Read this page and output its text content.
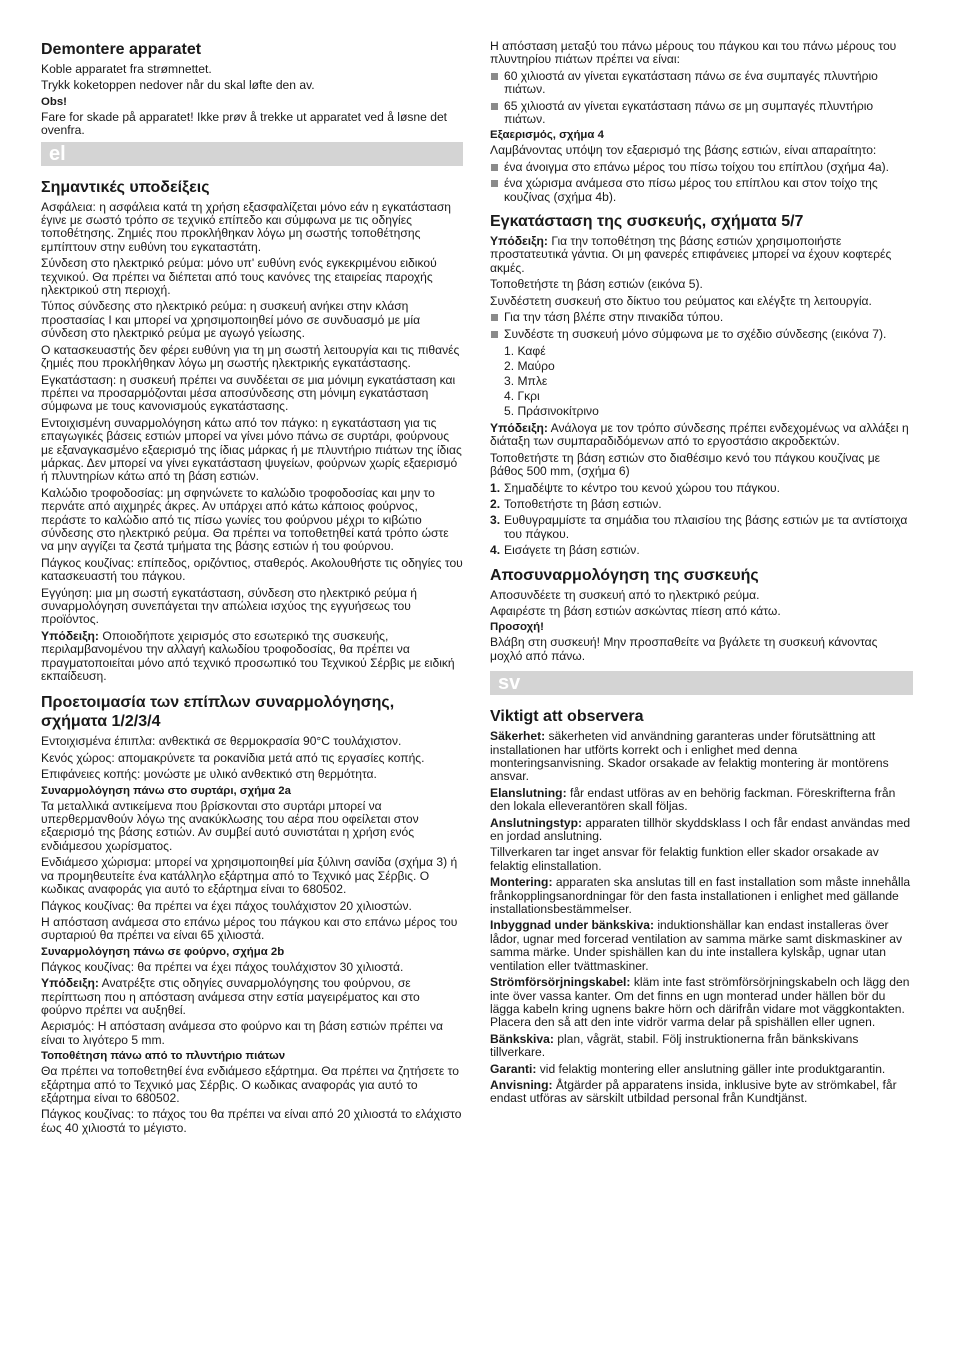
Demontere apparatet

Koble apparatet fra strømnettet.

Trykk koketoppen nedover når du skal løfte den av.

Obs!

Fare for skade på apparatet! Ikke prøv å trekke ut apparatet ved å løsne det ovenfra.

el
Σημαντικές υποδείξεις

Ασφάλεια: η ασφάλεια κατά τη χρήση εξασφαλίζεται μόνο εάν η εγκατάσταση έγινε με σωστό τρόπο σε τεχνικό επίπεδο και σύμφωνα με τις οδηγίες τοποθέτησης. Ζημιές που προκλήθηκαν λόγω μη σωστής τοποθέτησης εμπίπτουν στην ευθύνη του εγκαταστάτη.

Σύνδεση στο ηλεκτρικό ρεύμα: μόνο υπ' ευθύνη ενός εγκεκριμένου ειδικού τεχνικού. Θα πρέπει να διέπεται από τους κανόνες της εταιρείας παροχής ηλεκτρικού στη περιοχή.

Τύπος σύνδεσης στο ηλεκτρικό ρεύμα: η συσκευή ανήκει στην κλάση προστασίας I και μπορεί να χρησιμοποιηθεί μόνο σε συνδυασμό με μία σύνδεση στο ηλεκτρικό ρεύμα με αγωγό γείωσης.

Ο κατασκευαστής δεν φέρει ευθύνη για τη μη σωστή λειτουργία και τις πιθανές ζημιές που προκλήθηκαν λόγω μη σωστής ηλεκτρικής εγκατάστασης.

Εγκατάσταση: η συσκευή πρέπει να συνδέεται σε μια μόνιμη εγκατάσταση και πρέπει να προσαρμόζονται μέσα αποσύνδεσης στη μόνιμη εγκατάσταση σύμφωνα με τους κανονισμούς εγκατάστασης.

Εντοιχισμένη συναρμολόγηση κάτω από τον πάγκο: η εγκατάσταση για τις επαγωγικές βάσεις εστιών μπορεί να γίνει μόνο πάνω σε συρτάρι, φούρνους με εξαναγκασμένο εξαερισμό της ίδιας μάρκας ή με πλυντήριο πιάτων της ίδιας μάρκας. Δεν μπορεί να γίνει εγκατάσταση ψυγείων, φούρνων χωρίς εξαερισμό ή πλυντηρίων κάτω από τη βάση εστιών.

Καλώδιο τροφοδοσίας: μη σφηνώνετε το καλώδιο τροφοδοσίας και μην το περνάτε από αιχμηρές άκρες. Αν υπάρχει από κάτω κάποιος φούρνος, περάστε το καλώδιο από τις πίσω γωνίες του φούρνου μέχρι το κιβώτιο σύνδεσης στο ηλεκτρικό ρεύμα. Θα πρέπει να τοποθετηθεί κατά τρόπο ώστε να μην αγγίζει τα ζεστά τμήματα της βάσης εστιών ή του φούρνου.

Πάγκος κουζίνας: επίπεδος, οριζόντιος, σταθερός. Ακολουθήστε τις οδηγίες του κατασκευαστή του πάγκου.

Εγγύηση: μια μη σωστή εγκατάσταση, σύνδεση στο ηλεκτρικό ρεύμα ή συναρμολόγηση συνεπάγεται την απώλεια ισχύος της εγγυήσεως του προϊόντος.

Υπόδειξη: Οποιοδήποτε χειρισμός στο εσωτερικό της συσκευής, περιλαμβανομένου την αλλαγή καλωδίου τροφοδοσίας, θα πρέπει να πραγματοποιείται μόνο από τεχνικό προσωπικό του Τεχνικού Σέρβις με ειδική εκπαίδευση.

Προετοιμασία των επίπλων συναρμολόγησης, σχήματα 1/2/3/4

Εντοιχισμένα έπιπλα: ανθεκτικά σε θερμοκρασία 90°C τουλάχιστον.

Κενός χώρος: απομακρύνετε τα ροκανίδια μετά από τις εργασίες κοπής.

Επιφάνειες κοπής: μονώστε με υλικό ανθεκτικό στη θερμότητα.

Συναρμολόγηση πάνω στο συρτάρι, σχήμα 2a

Τα μεταλλικά αντικείμενα που βρίσκονται στο συρτάρι μπορεί να υπερθερμανθούν λόγω της ανακύκλωσης του αέρα που οφείλεται στον εξαερισμό της βάσης εστιών. Αν συμβεί αυτό συνιστάται η χρήση ενός ενδιάμεσου χωρίσματος.

Ενδιάμεσο χώρισμα: μπορεί να χρησιμοποιηθεί μία ξύλινη σανίδα (σχήμα 3) ή να προμηθευτείτε ένα κατάλληλο εξάρτημα από το Τεχνικό μας Σέρβις. Ο κωδικας αναφοράς για αυτό το εξάρτημα είναι το 680502.

Πάγκος κουζίνας: θα πρέπει να έχει πάχος τουλάχιστον 20 χιλιοστών.

Η απόσταση ανάμεσα στο επάνω μέρος του πάγκου και στο επάνω μέρος του συρταριού θα πρέπει να είναι 65 χιλιοστά.

Συναρμολόγηση πάνω σε φούρνο, σχήμα 2b

Πάγκος κουζίνας: θα πρέπει να έχει πάχος τουλάχιστον 30 χιλιοστά.

Υπόδειξη: Ανατρέξτε στις οδηγίες συναρμολόγησης του φούρνου, σε περίπτωση που η απόσταση ανάμεσα στην εστία μαγειρέματος και στο φούρνο πρέπει να αυξηθεί.

Αερισμός: Η απόσταση ανάμεσα στο φούρνο και τη βάση εστιών πρέπει να είναι το λιγότερο 5 mm.

Τοποθέτηση πάνω από το πλυντήριο πιάτων

Θα πρέπει να τοποθετηθεί ένα ενδιάμεσο εξάρτημα. Θα πρέπει να ζητήσετε το εξάρτημα από το Τεχνικό μας Σέρβις. Ο κωδικας αναφοράς για αυτό το εξάρτημα είναι το 680502.

Πάγκος κουζίνας: το πάχος του θα πρέπει να είναι από 20 χιλιοστά το ελάχιστο έως 40 χιλιοστά το μέγιστο.

Η απόσταση μεταξύ του πάνω μέρους του πάγκου και του πάνω μέρους του πλυντηρίου πιάτων πρέπει να είναι:

60 χιλιοστά αν γίνεται εγκατάσταση πάνω σε ένα συμπαγές πλυντήριο πιάτων.
65 χιλιοστά αν γίνεται εγκατάσταση πάνω σε μη συμπαγές πλυντήριο πιάτων.
Εξαερισμός, σχήμα 4

Λαμβάνοντας υπόψη τον εξαερισμό της βάσης εστιών, είναι απαραίτητο:

ένα άνοιγμα στο επάνω μέρος του πίσω τοίχου του επίπλου (σχήμα 4a).
ένα χώρισμα ανάμεσα στο πίσω μέρος του επίπλου και στον τοίχο της κουζίνας (σχήμα 4b).
Εγκατάσταση της συσκευής, σχήματα 5/7

Υπόδειξη: Για την τοποθέτηση της βάσης εστιών χρησιμοποιήστε προστατευτικά γάντια. Οι μη φανερές επιφάνειες μπορεί να έχουν κοφτερές ακμές.

Τοποθετήστε τη βάση εστιών (εικόνα 5).

Συνδέστετη συσκευή στο δίκτυο του ρεύματος και ελέγξτε τη λειτουργία.

Για την τάση βλέπε στην πινακίδα τύπου.
Συνδέστε τη συσκευή μόνο σύμφωνα με το σχέδιο σύνδεσης (εικόνα 7).
1. Καφέ
2. Μαύρο
3. Μπλε
4. Γκρι
5. Πράσινοκίτρινο

Υπόδειξη: Ανάλογα με τον τρόπο σύνδεσης πρέπει ενδεχομένως να αλλάξει η διάταξη των συμπαραδιδόμενων από το εργοστάσιο ακροδεκτών.

Τοποθετήστε τη βάση εστιών στο διαθέσιμο κενό του πάγκου κουζίνας με βάθος 500 mm, (σχήμα 6)

1. Σημαδέψτε το κέντρο του κενού χώρου του πάγκου.
2. Τοποθετήστε τη βάση εστιών.
3. Ευθυγραμμίστε τα σημάδια του πλαισίου της βάσης εστιών με τα αντίστοιχα του πάγκου.
4. Εισάγετε τη βάση εστιών.
Αποσυναρμολόγηση της συσκευής

Αποσυνδέετε τη συσκευή από το ηλεκτρικό ρεύμα.

Αφαιρέστε τη βάση εστιών ασκώντας πίεση από κάτω.

Προσοχή!

Βλάβη στη συσκευή! Μην προσπαθείτε να βγάλετε τη συσκευή κάνοντας μοχλό από πάνω.

sv
Viktigt att observera

Säkerhet: säkerheten vid användning garanteras under förutsättning att installationen har utförts korrekt och i enlighet med denna monteringsanvisning. Skador orsakade av felaktig montering är montörens ansvar.

Elanslutning: får endast utföras av en behörig fackman. Föreskrifterna från den lokala elleverantören skall följas.

Anslutningstyp: apparaten tillhör skyddsklass I och får endast användas med en jordad anslutning.

Tillverkaren tar inget ansvar för felaktig funktion eller skador orsakade av felaktig elinstallation.

Montering: apparaten ska anslutas till en fast installation som måste innehålla frånkopplingsanordningar för den fasta installationen i enlighet med gällande installationsbestämmelser.

Inbyggnad under bänkskiva: induktionshällar kan endast installeras över lådor, ugnar med forcerad ventilation av samma märke samt diskmaskiner av samma märke. Under spishällen kan du inte installera kylskåp, ugnar utan ventilation eller tvättmaskiner.

Strömförsörjningskabel: kläm inte fast strömförsörjningskabeln och lägg den inte över vassa kanter. Om det finns en ugn monterad under hällen bör du lägga kabeln kring ugnens bakre hörn och därifrån vidare mot väggkontakten. Placera den så att den inte vidrör varma delar på spishällen eller ugnen.

Bänkskiva: plan, vågrät, stabil. Följ instruktionerna från bänkskivans tillverkare.

Garanti: vid felaktig montering eller anslutning gäller inte produktgarantin.

Anvisning: Åtgärder på apparatens insida, inklusive byte av strömkabel, får endast utföras av särskilt utbildad personal från Kundtjänst.
